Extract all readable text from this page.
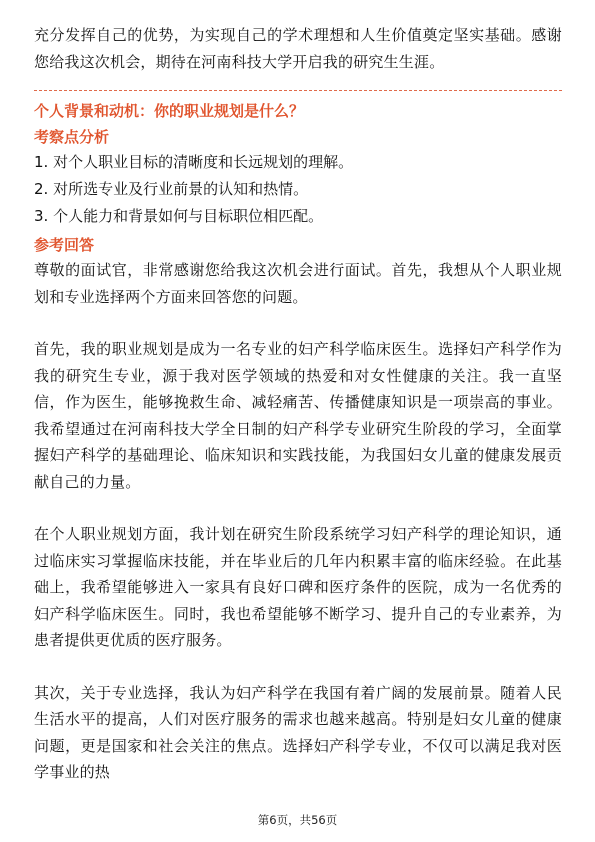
充分发挥自己的优势，为实现自己的学术理想和人生价值奠定坚实基础。感谢您给我这次机会，期待在河南科技大学开启我的研究生生涯。

个人背景和动机：你的职业规划是什么？
考察点分析
1. 对个人职业目标的清晰度和长远规划的理解。
2. 对所选专业及行业前景的认知和热情。
3. 个人能力和背景如何与目标职位相匹配。
参考回答

尊敬的面试官，非常感谢您给我这次机会进行面试。首先，我想从个人职业规划和专业选择两个方面来回答您的问题。

首先，我的职业规划是成为一名专业的妇产科学临床医生。选择妇产科学作为我的研究生专业，源于我对医学领域的热爱和对女性健康的关注。我一直坚信，作为医生，能够挽救生命、减轻痛苦、传播健康知识是一项崇高的事业。我希望通过在河南科技大学全日制的妇产科学专业研究生阶段的学习，全面掌握妇产科学的基础理论、临床知识和实践技能，为我国妇女儿童的健康发展贡献自己的力量。

在个人职业规划方面，我计划在研究生阶段系统学习妇产科学的理论知识，通过临床实习掌握临床技能，并在毕业后的几年内积累丰富的临床经验。在此基础上，我希望能够进入一家具有良好口碑和医疗条件的医院，成为一名优秀的妇产科学临床医生。同时，我也希望能够不断学习、提升自己的专业素养，为患者提供更优质的医疗服务。

其次，关于专业选择，我认为妇产科学在我国有着广阔的发展前景。随着人民生活水平的提高，人们对医疗服务的需求也越来越高。特别是妇女儿童的健康问题，更是国家和社会关注的焦点。选择妇产科学专业，不仅可以满足我对医学事业的热

第6页，共56页
